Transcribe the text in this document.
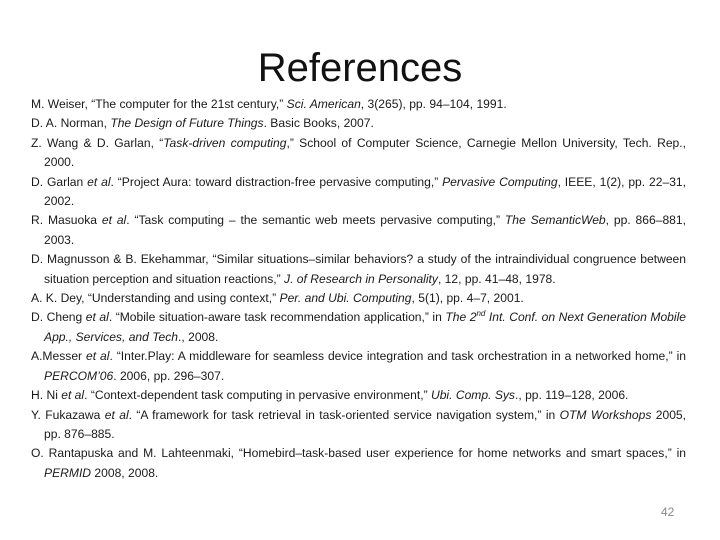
References
M. Weiser, “The computer for the 21st century,” Sci. American, 3(265), pp. 94–104, 1991.
D. A. Norman, The Design of Future Things. Basic Books, 2007.
Z. Wang & D. Garlan, “Task-driven computing,” School of Computer Science, Carnegie Mellon University, Tech. Rep., 2000.
D. Garlan et al. “Project Aura: toward distraction-free pervasive computing,” Pervasive Computing, IEEE, 1(2), pp. 22–31, 2002.
R. Masuoka et al. “Task computing – the semantic web meets pervasive computing,” The SemanticWeb, pp. 866–881, 2003.
D. Magnusson & B. Ekehammar, “Similar situations–similar behaviors? a study of the intraindividual congruence between situation perception and situation reactions,” J. of Research in Personality, 12, pp. 41–48, 1978.
A. K. Dey, “Understanding and using context,” Per. and Ubi. Computing, 5(1), pp. 4–7, 2001.
D. Cheng et al. “Mobile situation-aware task recommendation application,” in The 2nd Int. Conf. on Next Generation Mobile App., Services, and Tech., 2008.
A.Messer et al. “Inter.Play: A middleware for seamless device integration and task orchestration in a networked home,” in PERCOM’06. 2006, pp. 296–307.
H. Ni et al. “Context-dependent task computing in pervasive environment,” Ubi. Comp. Sys., pp. 119–128, 2006.
Y. Fukazawa et al. “A framework for task retrieval in task-oriented service navigation system,” in OTM Workshops 2005, pp. 876–885.
O. Rantapuska and M. Lahteenmaki, “Homebird–task-based user experience for home networks and smart spaces,” in PERMID 2008, 2008.
42
